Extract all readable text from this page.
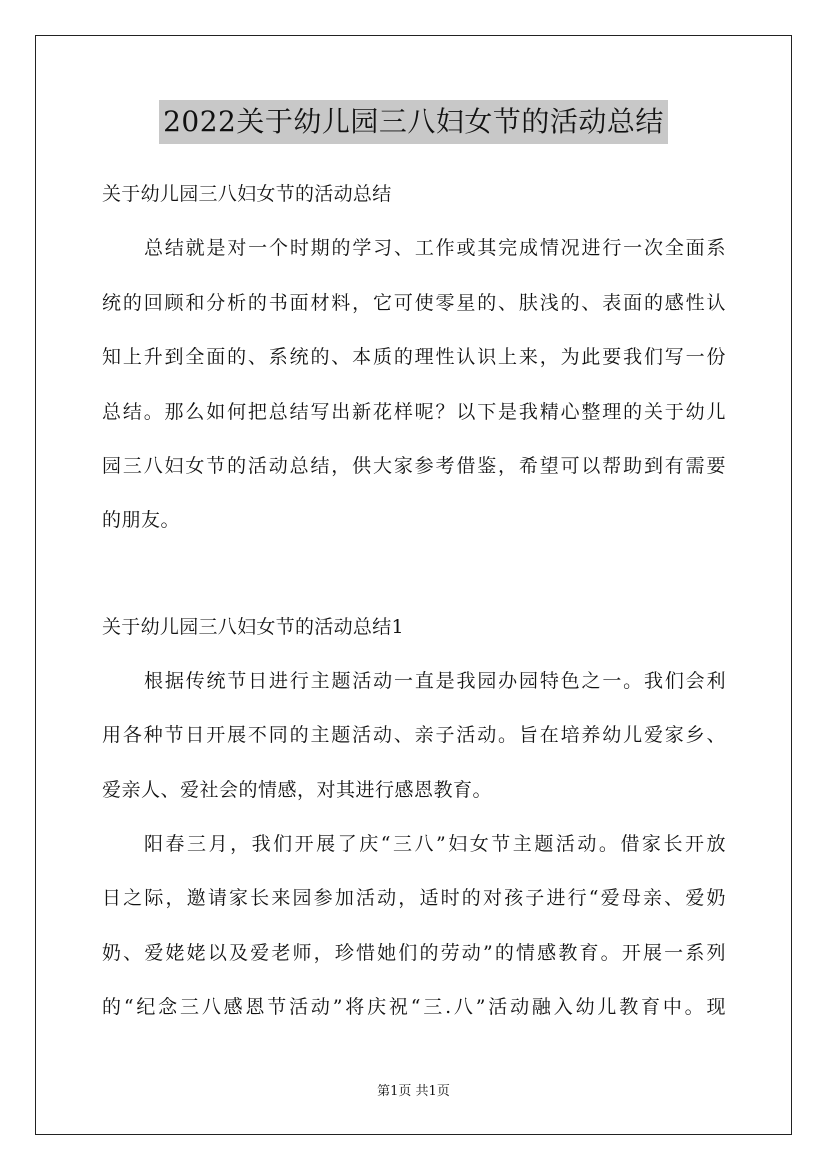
2022关于幼儿园三八妇女节的活动总结
关于幼儿园三八妇女节的活动总结
总结就是对一个时期的学习、工作或其完成情况进行一次全面系
统的回顾和分析的书面材料，它可使零星的、肤浅的、表面的感性认
知上升到全面的、系统的、本质的理性认识上来，为此要我们写一份
总结。那么如何把总结写出新花样呢？以下是我精心整理的关于幼儿
园三八妇女节的活动总结，供大家参考借鉴，希望可以帮助到有需要
的朋友。
关于幼儿园三八妇女节的活动总结1
根据传统节日进行主题活动一直是我园办园特色之一。我们会利
用各种节日开展不同的主题活动、亲子活动。旨在培养幼儿爱家乡、
爱亲人、爱社会的情感，对其进行感恩教育。
阳春三月，我们开展了庆“三八”妇女节主题活动。借家长开放
日之际，邀请家长来园参加活动，适时的对孩子进行“爱母亲、爱奶
奶、爱姥姥以及爱老师，珍惜她们的劳动”的情感教育。开展一系列
的“纪念三八感恩节活动”将庆祝“三.八”活动融入幼儿教育中。现
第1页 共1页
